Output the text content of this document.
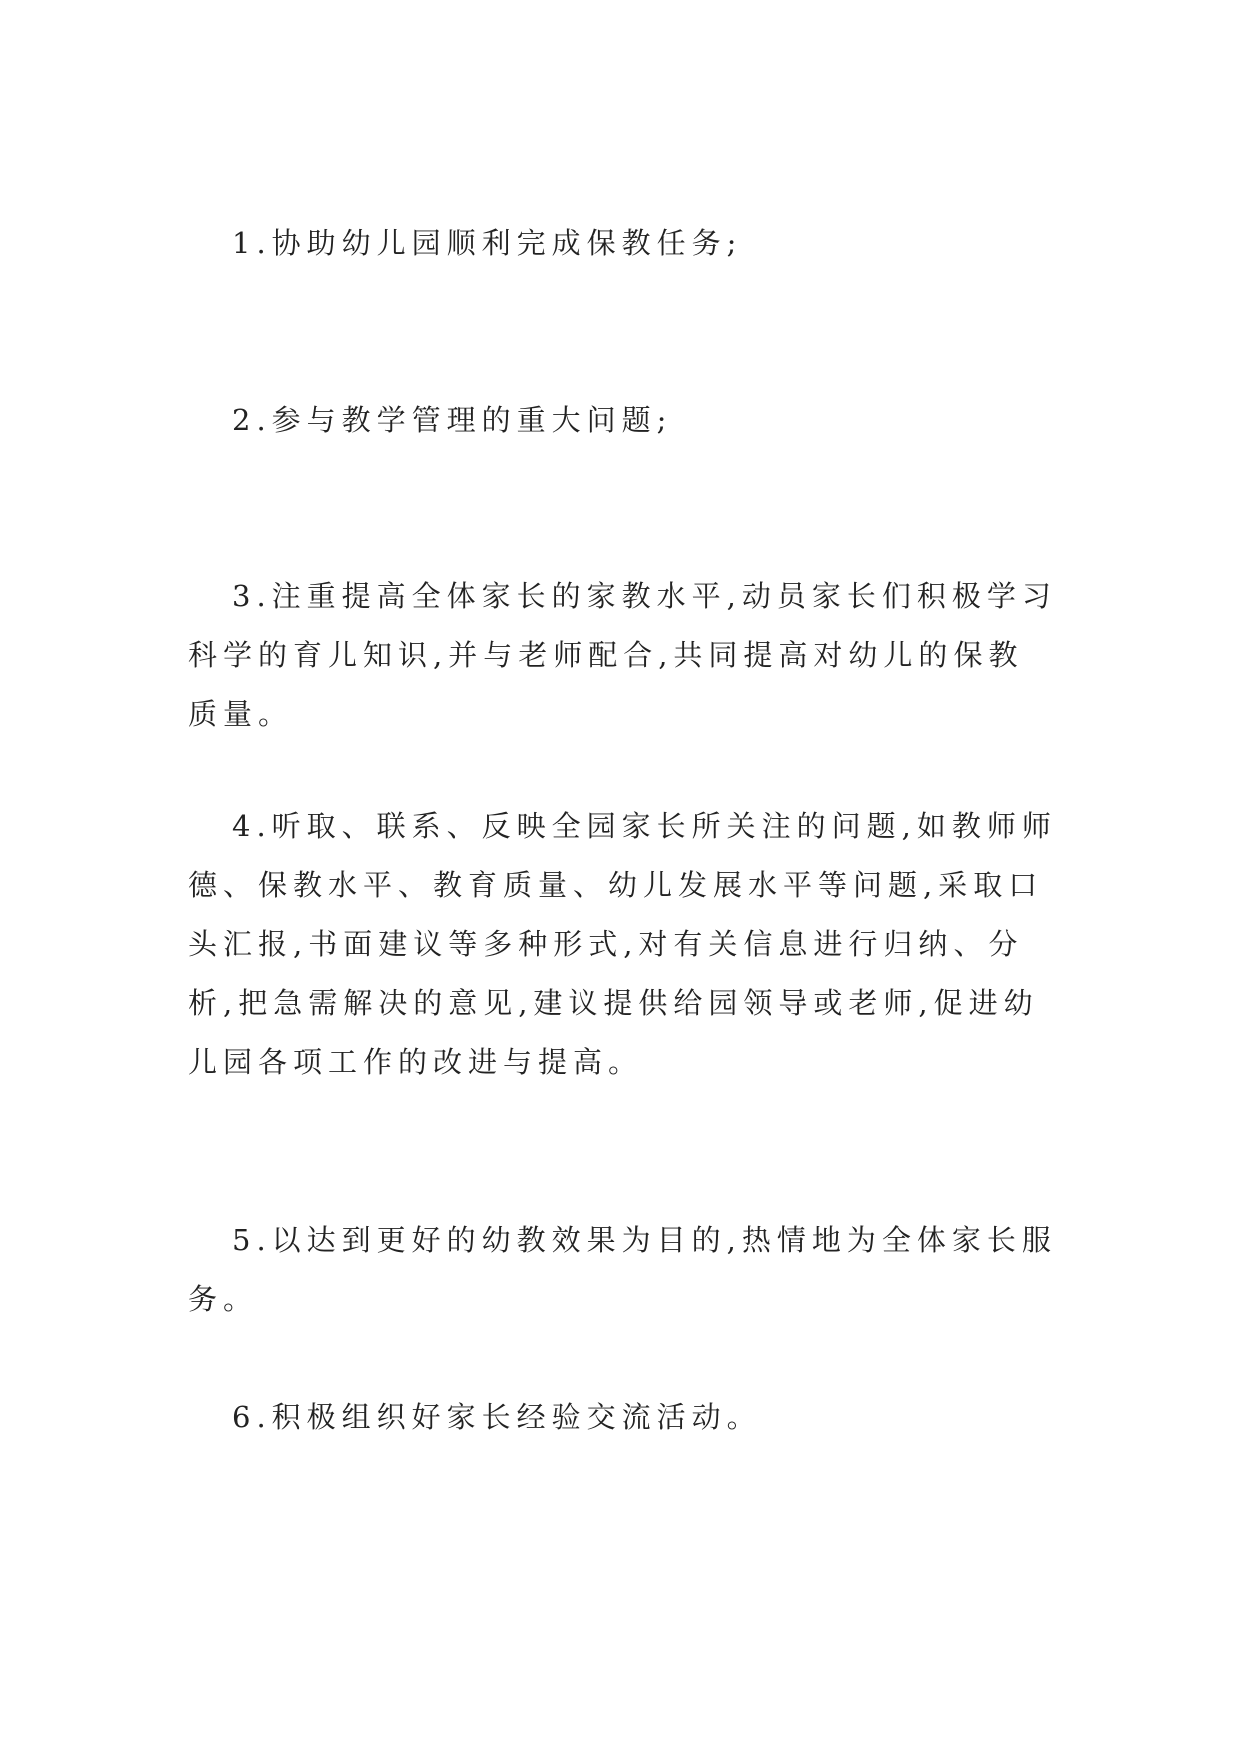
1.协助幼儿园顺利完成保教任务;

2.参与教学管理的重大问题;

3.注重提高全体家长的家教水平,动员家长们积极学习科学的育儿知识,并与老师配合,共同提高对幼儿的保教质量。

4.听取、联系、反映全园家长所关注的问题,如教师师德、保教水平、教育质量、幼儿发展水平等问题,采取口头汇报,书面建议等多种形式,对有关信息进行归纳、分析,把急需解决的意见,建议提供给园领导或老师,促进幼儿园各项工作的改进与提高。

5.以达到更好的幼教效果为目的,热情地为全体家长服务。

6.积极组织好家长经验交流活动。
